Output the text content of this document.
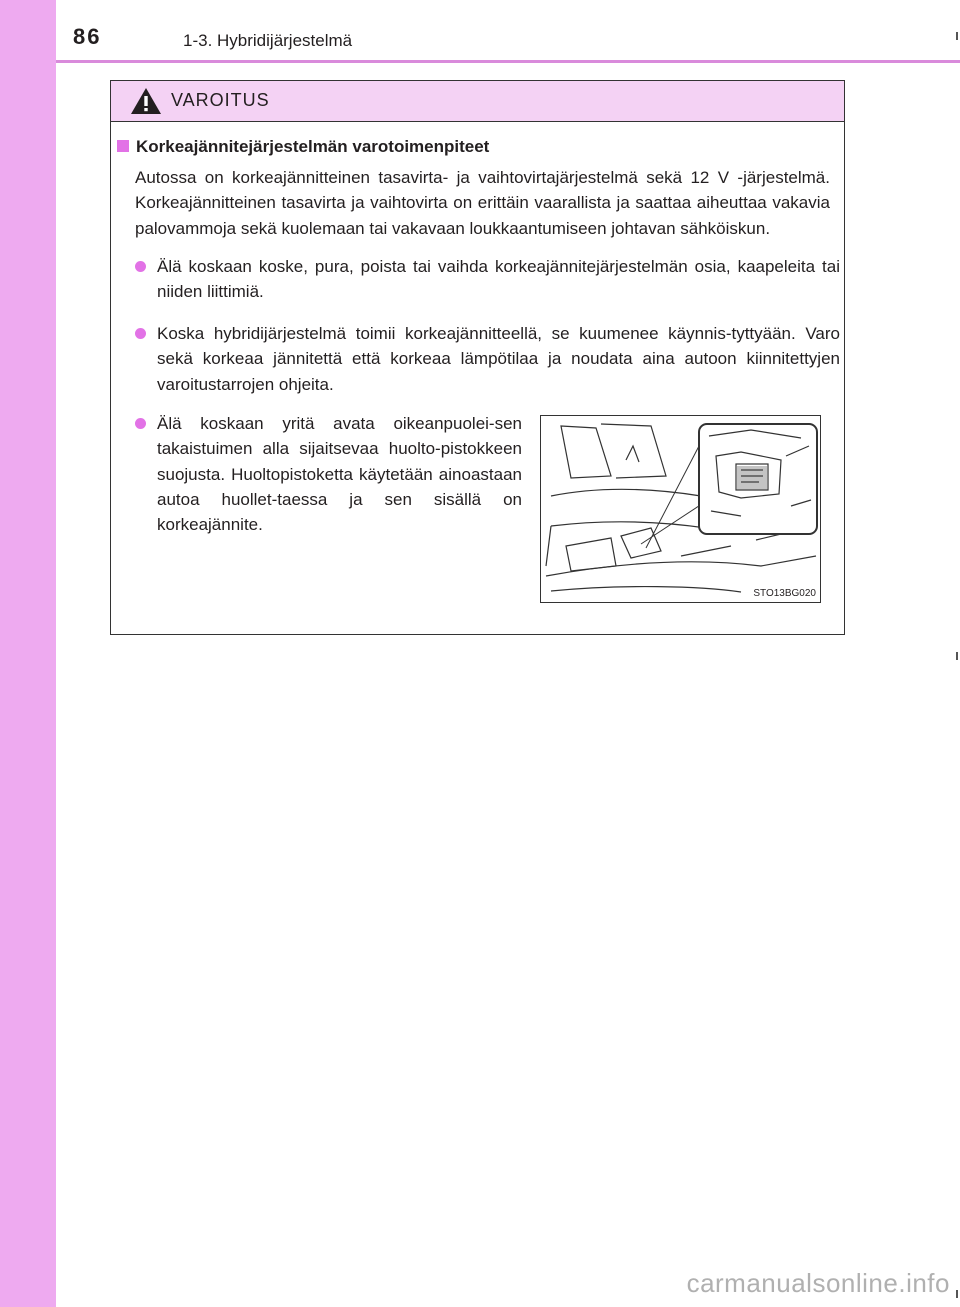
86	1-3. Hybridijärjestelmä
VAROITUS
Korkeajännitejärjestelmän varotoimenpiteet
Autossa on korkeajännitteinen tasavirta- ja vaihtovirtajärjestelmä sekä 12 V -järjestelmä. Korkeajännitteinen tasavirta ja vaihtovirta on erittäin vaarallista ja saattaa aiheuttaa vakavia palovammoja sekä kuolemaan tai vakavaan loukkaantumiseen johtavan sähköiskun.
Älä koskaan koske, pura, poista tai vaihda korkeajännitejärjestelmän osia, kaapeleita tai niiden liittimiä.
Koska hybridijärjestelmä toimii korkeajännitteellä, se kuumenee käynnis-tyttyään. Varo sekä korkeaa jännitettä että korkeaa lämpötilaa ja noudata aina autoon kiinnitettyjen varoitustarrojen ohjeita.
Älä koskaan yritä avata oikeanpuolei-sen takaistuimen alla sijaitsevaa huolto-pistokkeen suojusta. Huoltopistoketta käytetään ainoastaan autoa huollet-taessa ja sen sisällä on korkeajännite.
STO13BG020
carmanualsonline.info
